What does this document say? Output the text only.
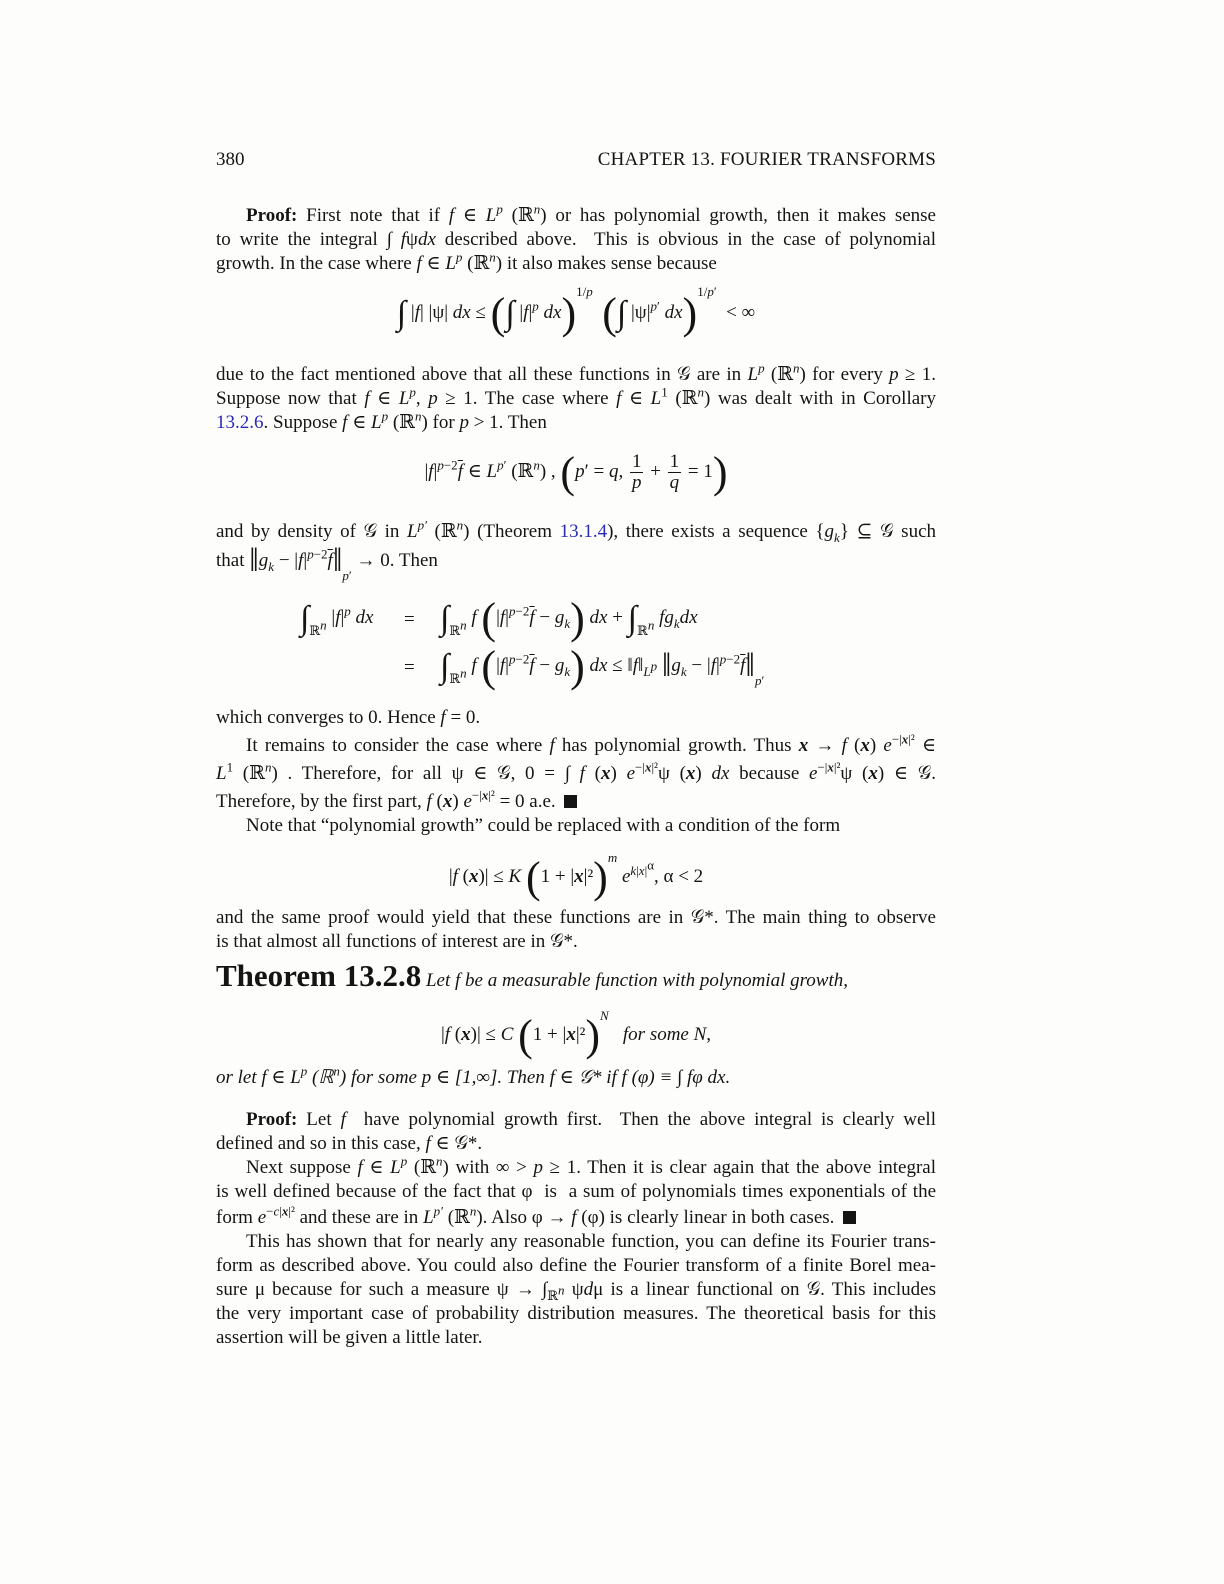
380	CHAPTER 13. FOURIER TRANSFORMS
Proof: First note that if f ∈ $L^p$ (ℝ$^n$) or has polynomial growth, then it makes sense
to write the integral ∫ fψdx described above.  This is obvious in the case of polynomial
growth. In the case where f ∈ $L^p$ (ℝ$^n$) it also makes sense because
∫ |f| |ψ| dx ≤ (∫ $|f|^p$ dx)$^{1/p}$ (∫ $|\psi|^{p'}$ dx)$^{1/p'}$  < ∞
due to the fact mentioned above that all these functions in 𝒢 are in $L^p$ (ℝ$^n$) for every p ≥ 1.
Suppose now that f ∈ $L^p$, p ≥ 1. The case where f ∈ $L^1$ (ℝ$^n$) was dealt with in Corollary
13.2.6. Suppose f ∈ $L^p$ (ℝ$^n$) for p > 1. Then
$|f|^{p-2}\overline{f}$ ∈ $L^{p'}$ (ℝ$^n$) , (p′ = q, $\frac{1}{p} + \frac{1}{q} = 1$)
and by density of 𝒢 in $L^{p'}$ (ℝ$^n$) (Theorem 13.1.4), there exists a sequence $\{g_k\}$ ⊆ 𝒢 such
that $‖g_k$ − $|f|^{p-2}\overline{f}‖_{p'} \to 0$. Then
$\int_{ℝ^n}$ $|f|^p$ dx = $\int_{ℝ^n}$ f $(|f|^{p-2}\overline{f} - g_k)$ dx + $\int_{ℝ^n}$ $fg_kdx$
= $\int_{ℝ^n}$ f $(|f|^{p-2}\overline{f} - g_k)$ dx ≤ $‖f‖_{L^p}$ $‖g_k$ − $|f|^{p-2}\overline{f}‖_{p'}$
which converges to 0. Hence f = 0.
It remains to consider the case where f has polynomial growth. Thus x → f (x) $e^{-|x|^2}$ ∈
$L^1$ (ℝ$^n$) . Therefore, for all ψ ∈ 𝒢, 0 = ∫ f (x) $e^{-|x|^2}\psi$ (x) dx because $e^{-|x|^2}\psi$ (x) ∈ 𝒢.
Therefore, by the first part, f (x) $e^{-|x|^2} = 0$ a.e.
Note that “polynomial growth” could be replaced with a condition of the form
|f (x)| ≤ K $(1 + |x|^2)^m$ $e^{k|x|^\alpha}$, α < 2
and the same proof would yield that these functions are in 𝒢*. The main thing to observe
is that almost all functions of interest are in 𝒢*.
Theorem 13.2.8 Let f be a measurable function with polynomial growth,
|f (x)| ≤ C $(1 + |x|^2)^N$   for some N,
or let f ∈ $L^p$ (ℝ$^n$) for some p ∈ [1,∞]. Then f ∈ 𝒢* if f (φ) ≡ ∫ fφ dx.
Proof: Let f  have polynomial growth first.  Then the above integral is clearly well
defined and so in this case, f ∈ 𝒢*.
Next suppose f ∈ $L^p$ (ℝ$^n$) with ∞ > p ≥ 1. Then it is clear again that the above integral
is well defined because of the fact that φ  is  a sum of polynomials times exponentials of the
form $e^{-c|x|^2}$ and these are in $L^{p'}$ (ℝ$^n$). Also φ → f (φ) is clearly linear in both cases.
This has shown that for nearly any reasonable function, you can define its Fourier trans-
form as described above. You could also define the Fourier transform of a finite Borel mea-
sure μ because for such a measure $\psi \to \int_{ℝ^n}$ ψdμ is a linear functional on 𝒢. This includes
the very important case of probability distribution measures. The theoretical basis for this
assertion will be given a little later.
